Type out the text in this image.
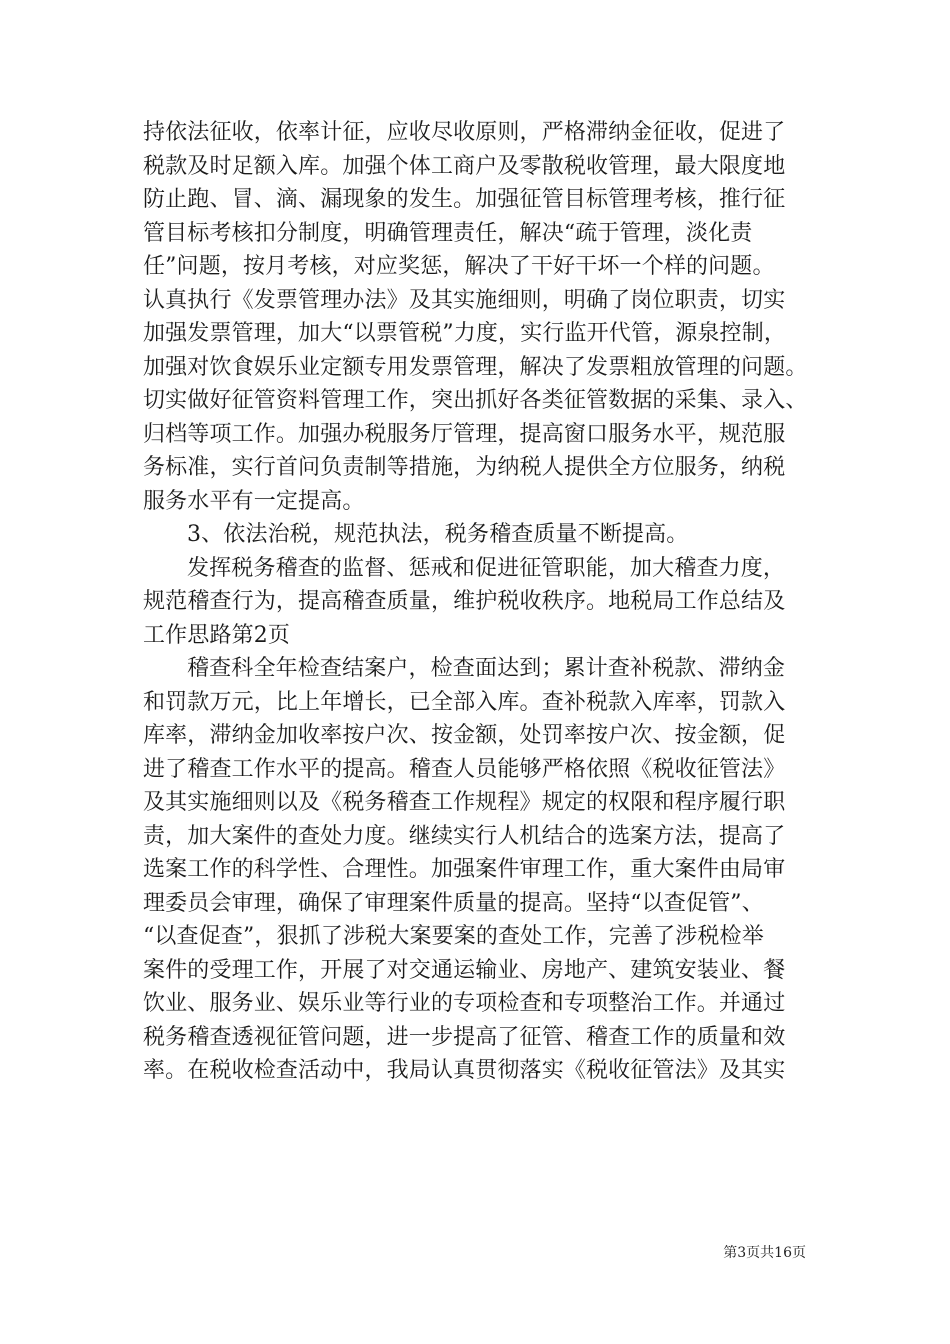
持依法征收，依率计征，应收尽收原则，严格滞纳金征收，促进了
税款及时足额入库。加强个体工商户及零散税收管理，最大限度地
防止跑、冒、滴、漏现象的发生。加强征管目标管理考核，推行征
管目标考核扣分制度，明确管理责任，解决“疏于管理，淡化责
任”问题，按月考核，对应奖惩，解决了干好干坏一个样的问题。
认真执行《发票管理办法》及其实施细则，明确了岗位职责，切实
加强发票管理，加大“以票管税”力度，实行监开代管，源泉控制，
加强对饮食娱乐业定额专用发票管理，解决了发票粗放管理的问题。
切实做好征管资料管理工作，突出抓好各类征管数据的采集、录入、
归档等项工作。加强办税服务厅管理，提高窗口服务水平，规范服
务标准，实行首问负责制等措施，为纳税人提供全方位服务，纳税
服务水平有一定提高。
3、依法治税，规范执法，税务稽查质量不断提高。
发挥税务稽查的监督、惩戒和促进征管职能，加大稽查力度，
规范稽查行为，提高稽查质量，维护税收秩序。地税局工作总结及
工作思路第2页
稽查科全年检查结案户，检查面达到；累计查补税款、滞纳金
和罚款万元，比上年增长，已全部入库。查补税款入库率，罚款入
库率，滞纳金加收率按户次、按金额，处罚率按户次、按金额，促
进了稽查工作水平的提高。稽查人员能够严格依照《税收征管法》
及其实施细则以及《税务稽查工作规程》规定的权限和程序履行职
责，加大案件的查处力度。继续实行人机结合的选案方法，提高了
选案工作的科学性、合理性。加强案件审理工作，重大案件由局审
理委员会审理，确保了审理案件质量的提高。坚持“以查促管”、
“以查促查”，狠抓了涉税大案要案的查处工作，完善了涉税检举
案件的受理工作，开展了对交通运输业、房地产、建筑安装业、餐
饮业、服务业、娱乐业等行业的专项检查和专项整治工作。并通过
税务稽查透视征管问题，进一步提高了征管、稽查工作的质量和效
率。在税收检查活动中，我局认真贯彻落实《税收征管法》及其实
第3页共16页
